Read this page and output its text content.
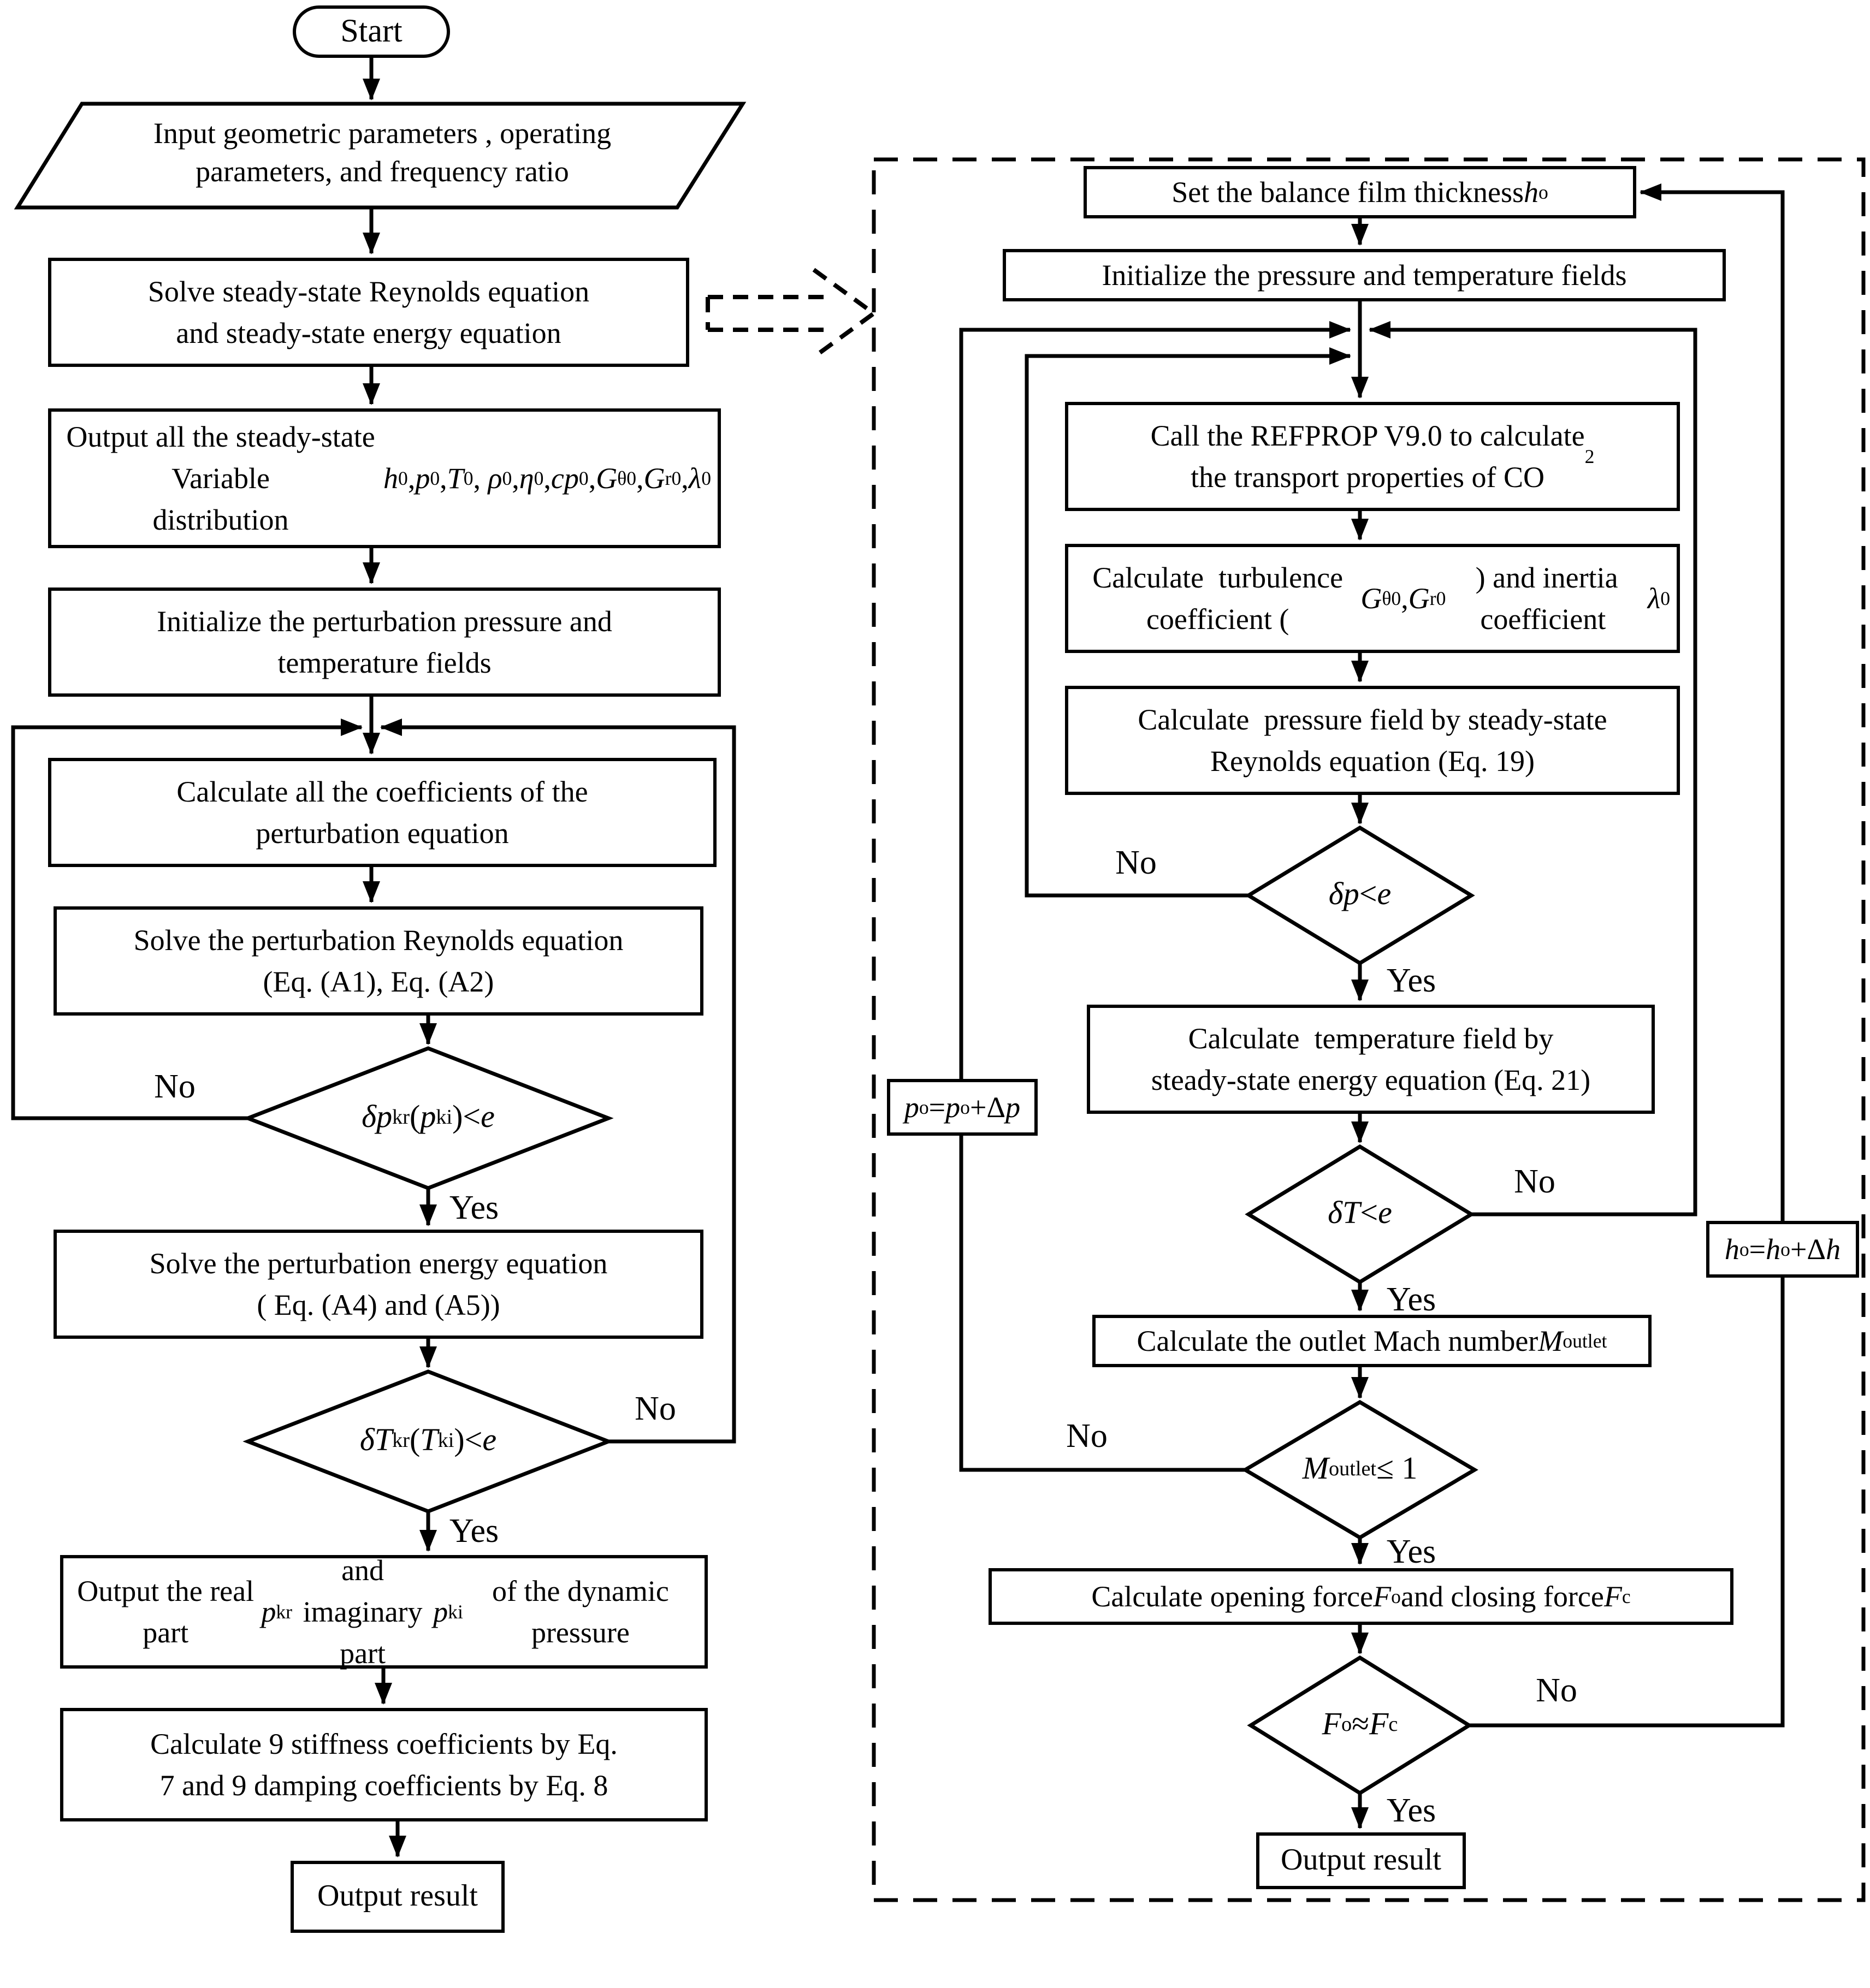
Start
Input geometric parameters , operating
parameters, and frequency ratio
Solve steady-state Reynolds equation
and steady-state energy equation
Output all the steady-state Variable
distribution
h 0 , p 0 , T 0 , ρ 0 , η 0 , cp 0 , G θ0 , G r0 , λ 0
Initialize the perturbation pressure and
temperature fields
Calculate all the coefficients of the
perturbation equation
Solve the perturbation Reynolds equation
(Eq. (A1), Eq. (A2)
δp kr ( p ki )< e
Solve the perturbation energy equation
( Eq. (A4) and (A5))
δT kr ( T ki )< e
Output the real part
p kr
and imaginary
part
p ki
of the dynamic pressure
Calculate 9 stiffness coefficients by Eq.
7 and 9 damping coefficients by Eq. 8
Output result
No
Yes
No
Yes
Set the balance film thickness h o
Initialize the pressure and temperature fields
Call the REFPROP V9.0 to calculate
the transport properties of CO
2
Calculate  turbulence coefficient (
G θ0 , G r0
) and inertia coefficient
λ 0
Calculate  pressure field by steady-state
Reynolds equation (Eq. 19)
δp < e
Calculate  temperature field by
steady-state energy equation (Eq. 21)
δT < e
Calculate the outlet Mach number M outlet
M outlet ≤ 1
Calculate opening force F o and closing force F c
F o ≈ F c
Output result
p o = p o +Δ p
h o = h o +Δ h
No
Yes
No
Yes
No
Yes
No
Yes
